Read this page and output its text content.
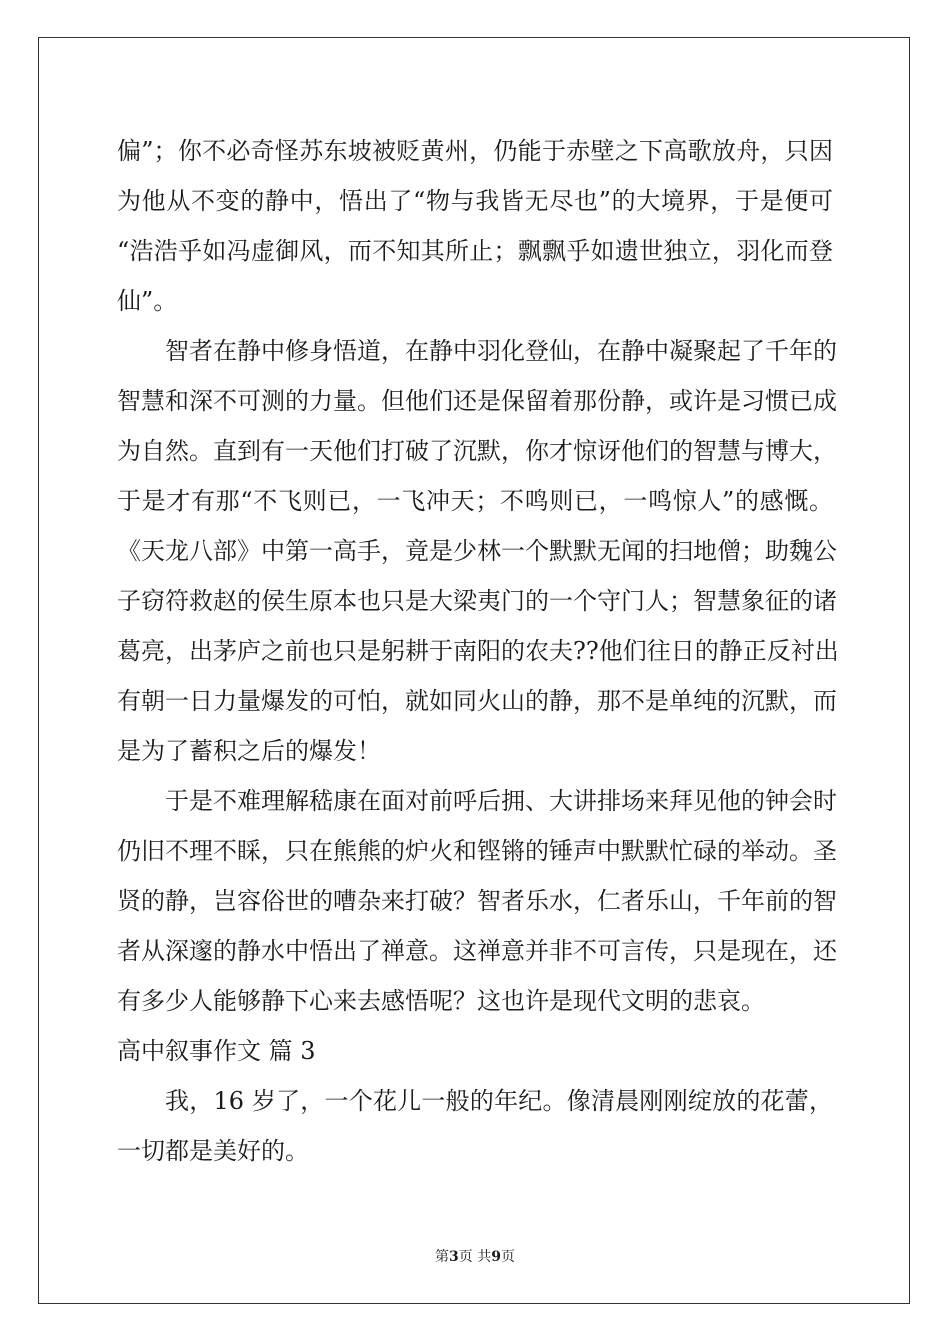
偏”；你不必奇怪苏东坡被贬黄州，仍能于赤壁之下高歌放舟，只因
为他从不变的静中，悟出了“物与我皆无尽也”的大境界，于是便可
“浩浩乎如冯虚御风，而不知其所止；飘飘乎如遗世独立，羽化而登
仙”。
智者在静中修身悟道，在静中羽化登仙，在静中凝聚起了千年的
智慧和深不可测的力量。但他们还是保留着那份静，或许是习惯已成
为自然。直到有一天他们打破了沉默，你才惊讶他们的智慧与博大，
于是才有那“不飞则已，一飞冲天；不鸣则已，一鸣惊人”的感慨。
《天龙八部》中第一高手，竟是少林一个默默无闻的扫地僧；助魏公
子窃符救赵的侯生原本也只是大梁夷门的一个守门人；智慧象征的诸
葛亮，出茅庐之前也只是躬耕于南阳的农夫??他们往日的静正反衬出
有朝一日力量爆发的可怕，就如同火山的静，那不是单纯的沉默，而
是为了蓄积之后的爆发！
于是不难理解嵇康在面对前呼后拥、大讲排场来拜见他的钟会时
仍旧不理不睬，只在熊熊的炉火和铿锵的锤声中默默忙碌的举动。圣
贤的静，岂容俗世的嘈杂来打破？智者乐水，仁者乐山，千年前的智
者从深邃的静水中悟出了禅意。这禅意并非不可言传，只是现在，还
有多少人能够静下心来去感悟呢？这也许是现代文明的悲哀。
高中叙事作文 篇 3
我，16 岁了，一个花儿一般的年纪。像清晨刚刚绽放的花蕾，
一切都是美好的。
第3页 共9页
